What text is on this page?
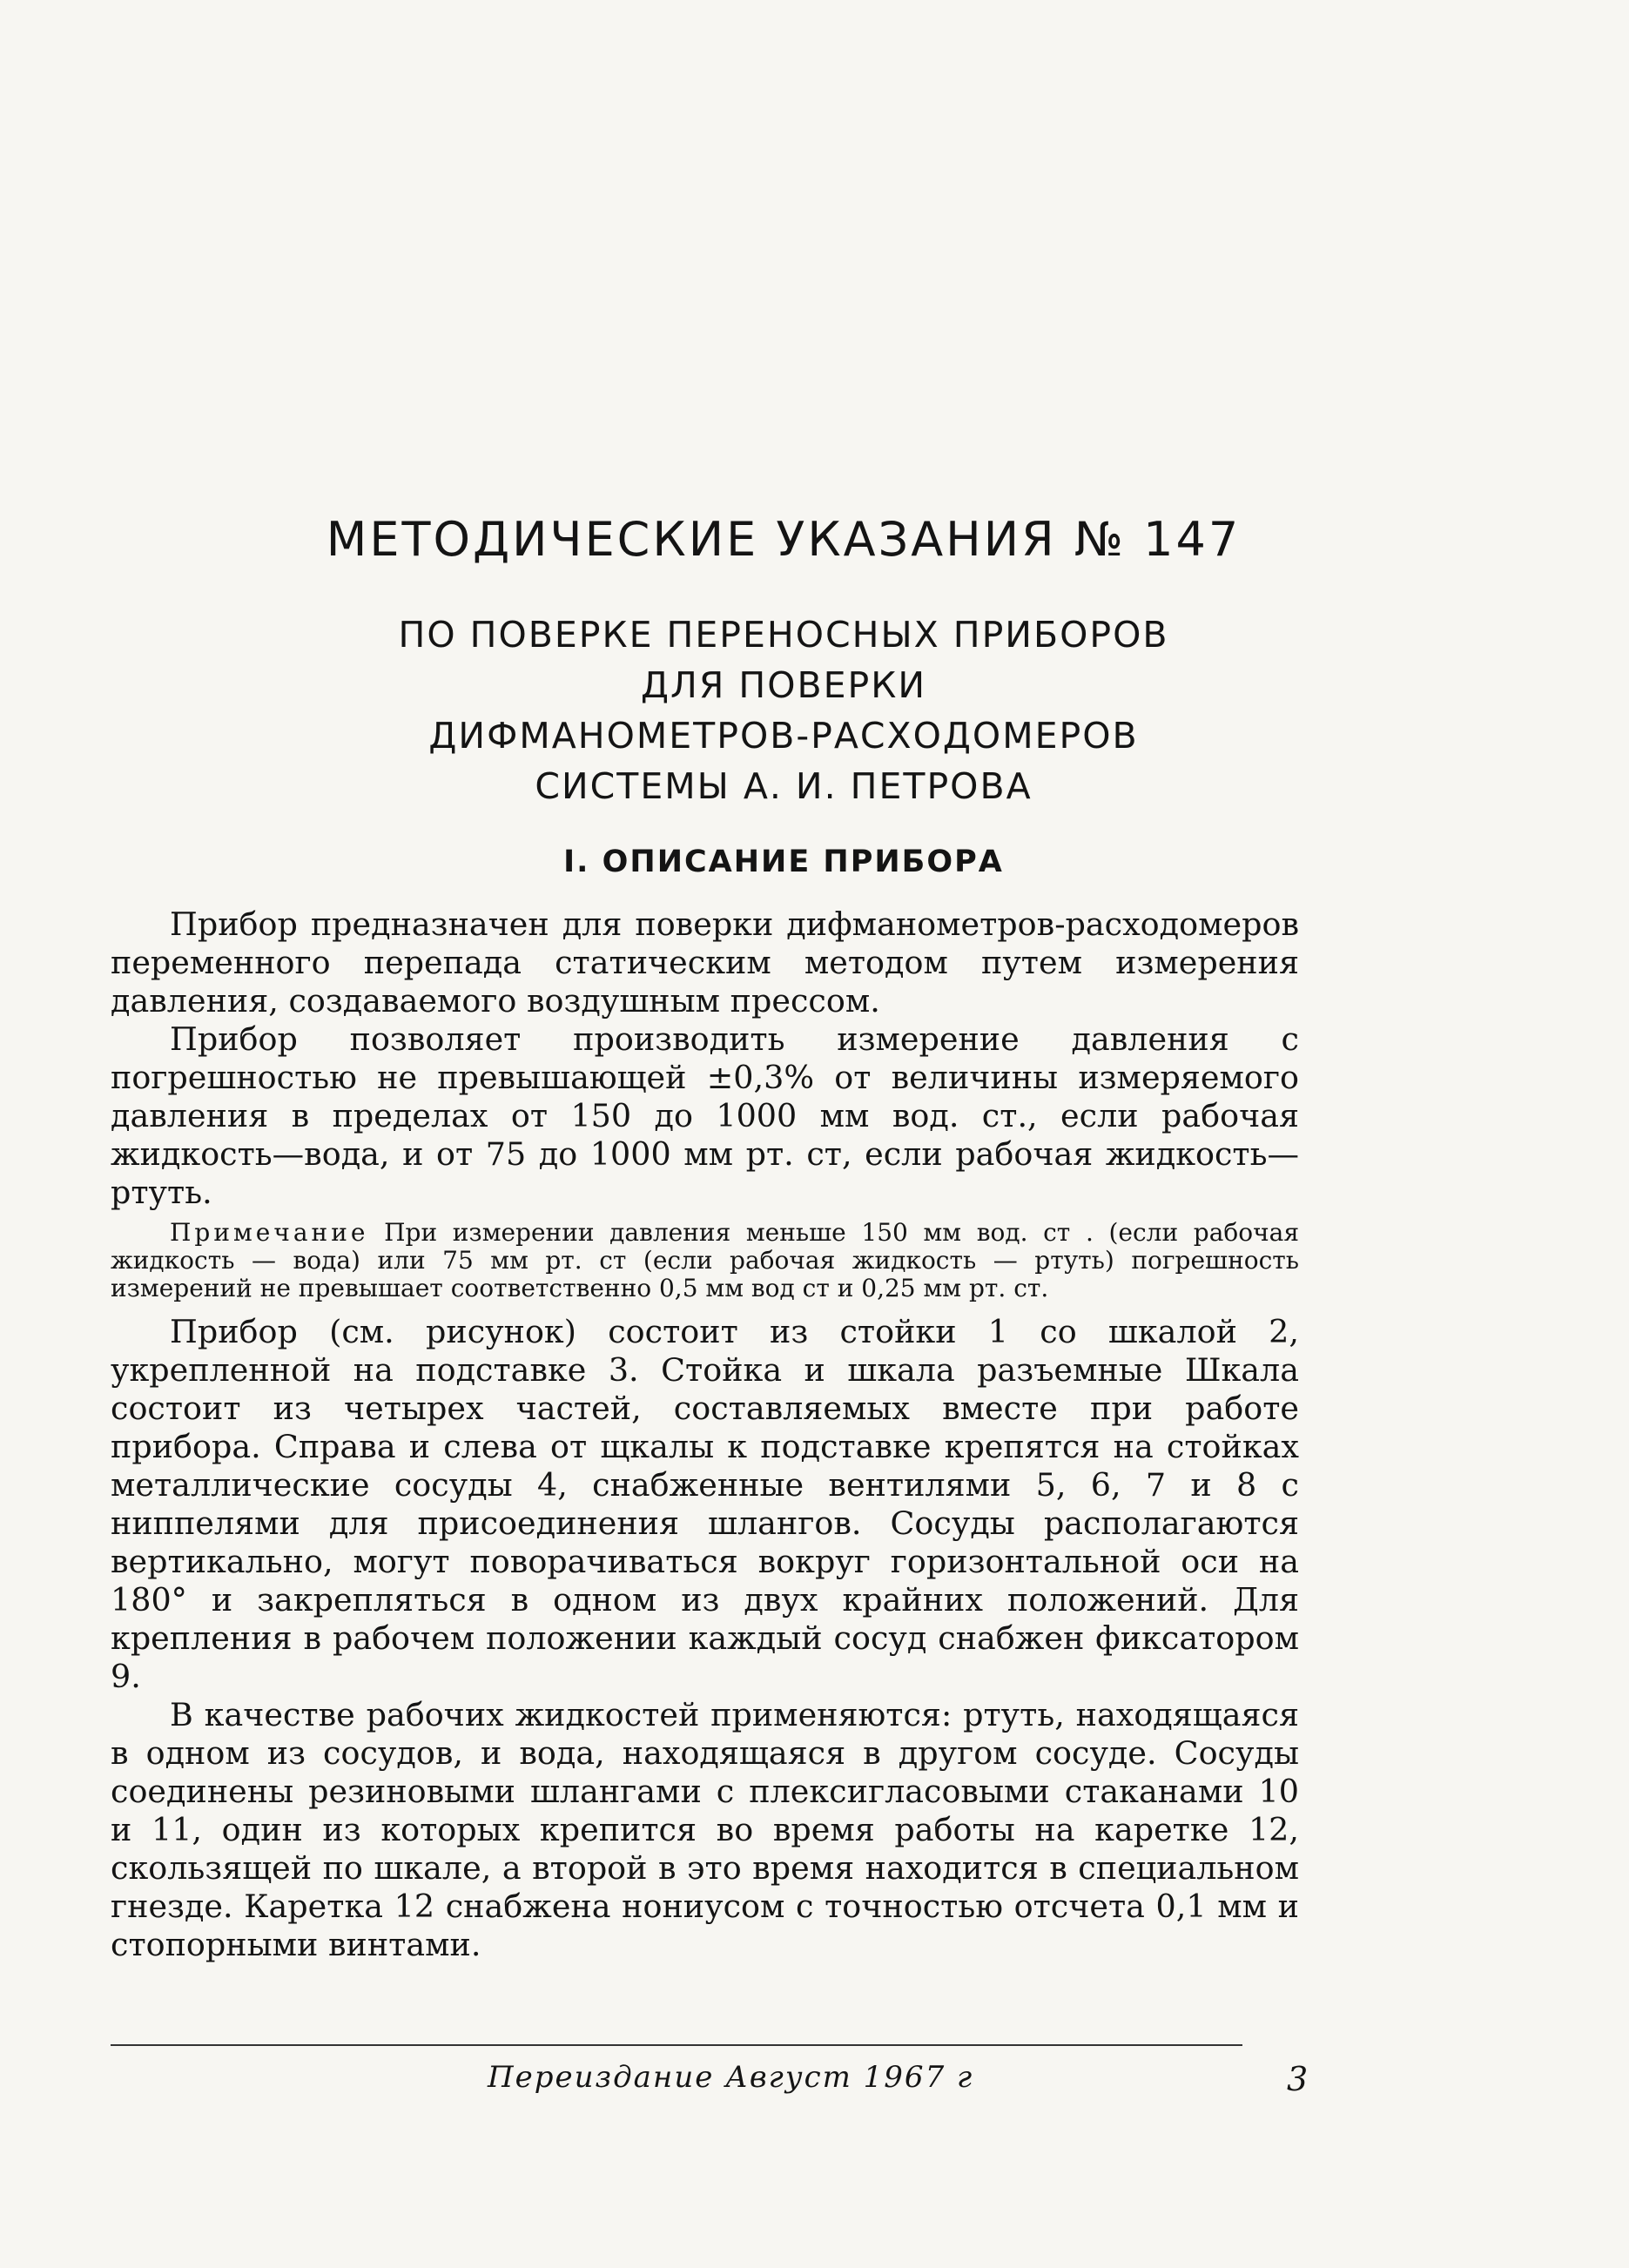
МЕТОДИЧЕСКИЕ УКАЗАНИЯ № 147
ПО ПОВЕРКЕ ПЕРЕНОСНЫХ ПРИБОРОВ
ДЛЯ ПОВЕРКИ
ДИФМАНОМЕТРОВ-РАСХОДОМЕРОВ
СИСТЕМЫ А. И. ПЕТРОВА
I. ОПИСАНИЕ ПРИБОРА

Прибор предназначен для поверки дифманометров-расходомеров переменного перепада статическим методом путем измерения давления, создаваемого воздушным прессом.

Прибор позволяет производить измерение давления с погрешностью не превышающей ±0,3% от величины измеряемого давления в пределах от 150 до 1000 мм вод. ст., если рабочая жидкость—вода, и от 75 до 1000 мм рт. ст, если рабочая жидкость—ртуть.

Примечание При измерении давления меньше 150 мм вод. ст . (если рабочая жидкость — вода) или 75 мм рт. ст (если рабочая жидкость — ртуть) погрешность измерений не превышает соответственно 0,5 мм вод ст и 0,25 мм рт. ст.

Прибор (см. рисунок) состоит из стойки 1 со шкалой 2, укрепленной на подставке 3. Стойка и шкала разъемные Шкала состоит из четырех частей, составляемых вместе при работе прибора. Справа и слева от щкалы к подставке крепятся на стойках металлические сосуды 4, снабженные вентилями 5, 6, 7 и 8 с ниппелями для присоединения шлангов. Сосуды располагаются вертикально, могут поворачиваться вокруг горизонтальной оси на 180° и закрепляться в одном из двух крайних положений. Для крепления в рабочем положении каждый сосуд снабжен фиксатором 9.

В качестве рабочих жидкостей применяются: ртуть, находящаяся в одном из сосудов, и вода, находящаяся в другом сосуде. Сосуды соединены резиновыми шлангами с плексигласовыми стаканами 10 и 11, один из которых крепится во время работы на каретке 12, скользящей по шкале, а второй в это время находится в специальном гнезде. Каретка 12 снабжена нониусом с точностью отсчета 0,1 мм и стопорными винтами.

Переиздание Август 1967 г	3
